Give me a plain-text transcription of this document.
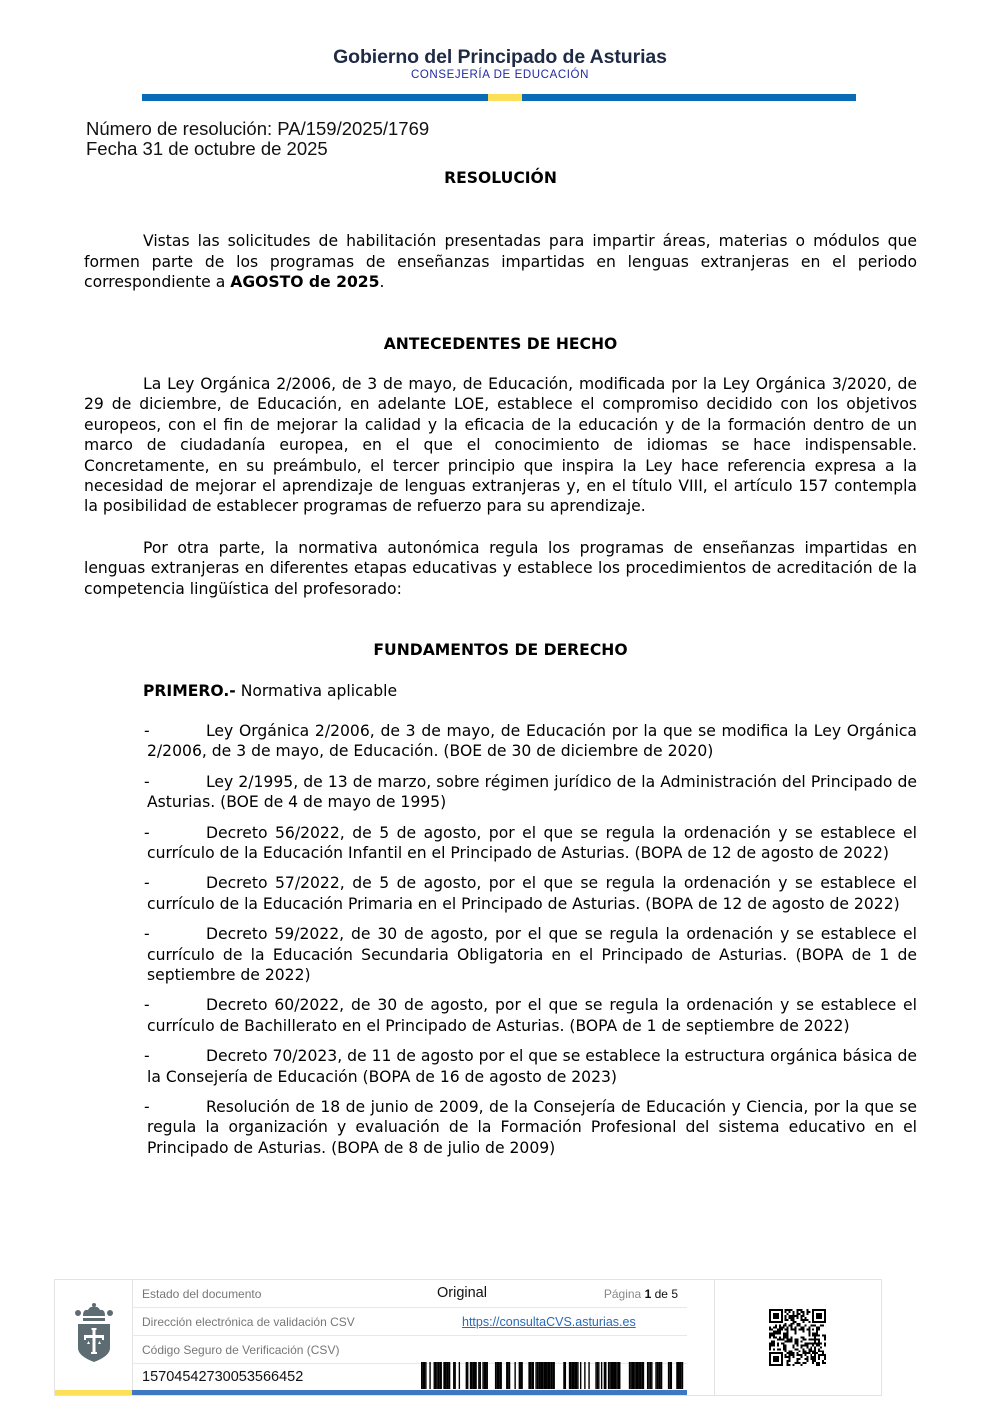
Gobierno del Principado de Asturias
CONSEJERÍA DE EDUCACIÓN
Número de resolución: PA/159/2025/1769
Fecha 31 de octubre de 2025
RESOLUCIÓN

Vistas las solicitudes de habilitación presentadas para impartir áreas, materias o módulos que formen parte de los programas de enseñanzas impartidas en lenguas extranjeras en el periodo correspondiente a AGOSTO de 2025.

ANTECEDENTES DE HECHO

La Ley Orgánica 2/2006, de 3 de mayo, de Educación, modificada por la Ley Orgánica 3/2020, de 29 de diciembre, de Educación, en adelante LOE, establece el compromiso decidido con los objetivos europeos, con el fin de mejorar la calidad y la eficacia de la educación y de la formación dentro de un marco de ciudadanía europea, en el que el conocimiento de idiomas se hace indispensable. Concretamente, en su preámbulo, el tercer principio que inspira la Ley hace referencia expresa a la necesidad de mejorar el aprendizaje de lenguas extranjeras y, en el título VIII, el artículo 157 contempla la posibilidad de establecer programas de refuerzo para su aprendizaje.

Por otra parte, la normativa autonómica regula los programas de enseñanzas impartidas en lenguas extranjeras en diferentes etapas educativas y establece los procedimientos de acreditación de la competencia lingüística del profesorado:

FUNDAMENTOS DE DERECHO

PRIMERO.- Normativa aplicable

-	Ley Orgánica 2/2006, de 3 de mayo, de Educación por la que se modifica la Ley Orgánica 2/2006, de 3 de mayo, de Educación. (BOE de 30 de diciembre de 2020)
-	Ley 2/1995, de 13 de marzo, sobre régimen jurídico de la Administración del Principado de Asturias. (BOE de 4 de mayo de 1995)
-	Decreto 56/2022, de 5 de agosto, por el que se regula la ordenación y se establece el currículo de la Educación Infantil en el Principado de Asturias. (BOPA de 12 de agosto de 2022)
-	Decreto 57/2022, de 5 de agosto, por el que se regula la ordenación y se establece el currículo de la Educación Primaria en el Principado de Asturias. (BOPA de 12 de agosto de 2022)
-	Decreto 59/2022, de 30 de agosto, por el que se regula la ordenación y se establece el currículo de la Educación Secundaria Obligatoria en el Principado de Asturias. (BOPA de 1 de septiembre de 2022)
-	Decreto 60/2022, de 30 de agosto, por el que se regula la ordenación y se establece el currículo de Bachillerato en el Principado de Asturias. (BOPA de 1 de septiembre de 2022)
-	Decreto 70/2023, de 11 de agosto por el que se establece la estructura orgánica básica de la Consejería de Educación (BOPA de 16 de agosto de 2023)
-	Resolución de 18 de junio de 2009, de la Consejería de Educación y Ciencia, por la que se regula la organización y evaluación de la Formación Profesional del sistema educativo en el Principado de Asturias. (BOPA de 8 de julio de 2009)
Estado del documento	Original	Página 1 de 5
Dirección electrónica de validación CSV	https://consultaCVS.asturias.es
Código Seguro de Verificación (CSV)
15704542730053566452
